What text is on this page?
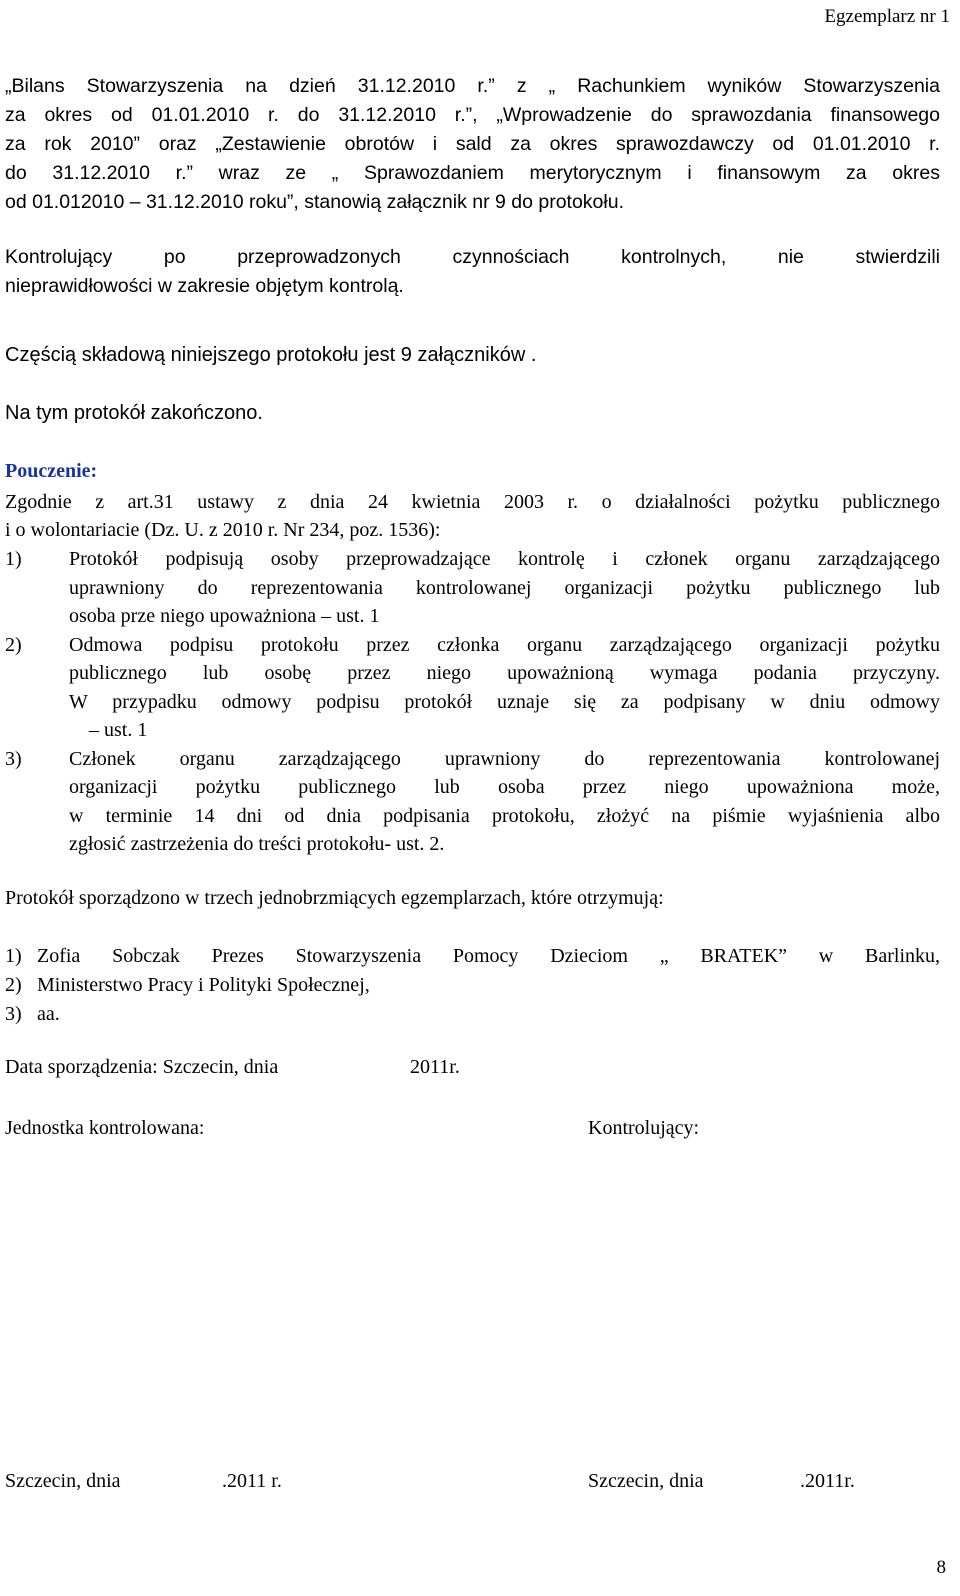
Egzemplarz nr 1
„Bilans Stowarzyszenia na dzień 31.12.2010 r.” z „ Rachunkiem wyników Stowarzyszenia
za okres od 01.01.2010 r. do 31.12.2010 r.”, „Wprowadzenie do sprawozdania finansowego
za rok 2010” oraz „Zestawienie obrotów i sald za okres sprawozdawczy od 01.01.2010 r.
do 31.12.2010 r.” wraz ze „ Sprawozdaniem merytorycznym i finansowym za okres
od 01.012010 – 31.12.2010 roku”, stanowią załącznik nr 9 do protokołu.
Kontrolujący po przeprowadzonych czynnościach kontrolnych, nie stwierdzili
nieprawidłowości w zakresie objętym kontrolą.
Częścią składową niniejszego protokołu jest 9 załączników .
Na tym protokół zakończono.
Pouczenie:
Zgodnie z art.31 ustawy z dnia 24 kwietnia 2003 r. o działalności pożytku publicznego
i o wolontariacie (Dz. U. z 2010 r. Nr 234, poz. 1536):
1)	Protokół podpisują osoby przeprowadzające kontrolę i członek organu zarządzającego
uprawniony do reprezentowania kontrolowanej organizacji pożytku publicznego lub
osoba prze niego upoważniona – ust. 1
2)	Odmowa podpisu protokołu przez członka organu zarządzającego organizacji pożytku
publicznego lub osobę przez niego upoważnioną wymaga podania przyczyny.
W przypadku odmowy podpisu protokół uznaje się za podpisany w dniu odmowy
– ust. 1
3)	Członek organu zarządzającego uprawniony do reprezentowania kontrolowanej
organizacji pożytku publicznego lub osoba przez niego upoważniona może,
w terminie 14 dni od dnia podpisania protokołu, złożyć na piśmie wyjaśnienia albo
zgłosić zastrzeżenia do treści protokołu- ust. 2.
Protokół sporządzono w trzech jednobrzmiących egzemplarzach, które otrzymują:
1) Zofia Sobczak Prezes Stowarzyszenia Pomocy Dzieciom „ BRATEK” w Barlinku,
2) Ministerstwo Pracy i Polityki Społecznej,
3) aa.
Data sporządzenia: Szczecin, dnia	2011r.
Jednostka kontrolowana:	Kontrolujący:
Szczecin, dnia	.2011 r.	Szczecin, dnia	.2011r.
8
